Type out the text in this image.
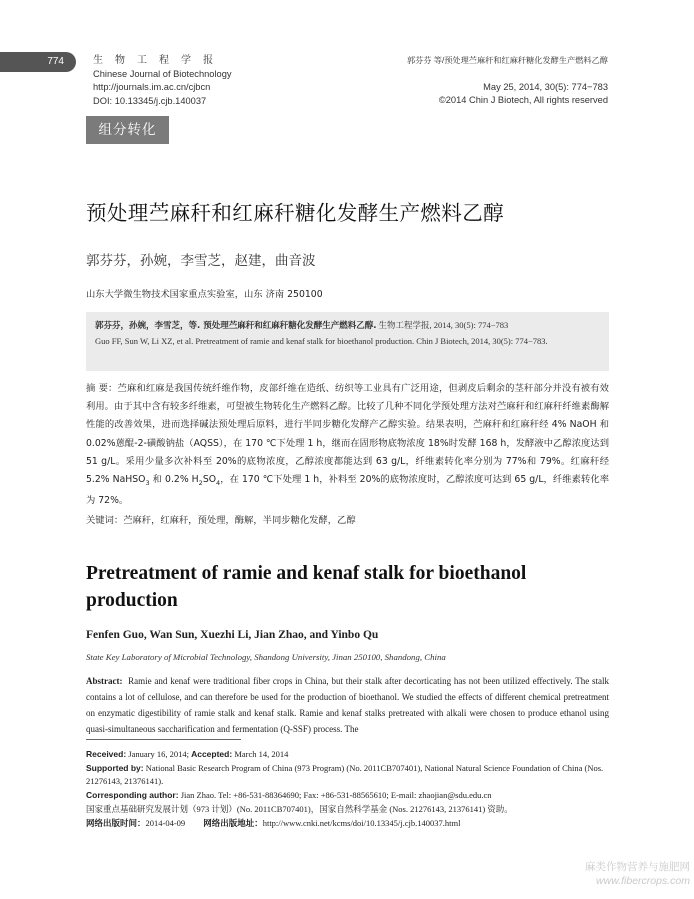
774	生物工程学报
Chinese Journal of Biotechnology
http://journals.im.ac.cn/cjbcn
DOI: 10.13345/j.cjb.140037
郭芬芬 等/预处理苎麻秆和红麻秆糖化发酵生产燃料乙醇
May 25, 2014, 30(5): 774−783
©2014 Chin J Biotech, All rights reserved
组分转化
预处理苎麻秆和红麻秆糖化发酵生产燃料乙醇
郭芬芬，孙婉，李雪芝，赵建，曲音波
山东大学微生物技术国家重点实验室，山东 济南 250100
郭芬芬，孙婉，李雪芝，等. 预处理苎麻秆和红麻秆糖化发酵生产燃料乙醇. 生物工程学报, 2014, 30(5): 774−783
Guo FF, Sun W, Li XZ, et al. Pretreatment of ramie and kenaf stalk for bioethanol production. Chin J Biotech, 2014, 30(5): 774−783.
摘 要：苎麻和红麻是我国传统纤维作物，皮部纤维在造纸、纺织等工业具有广泛用途，但剥皮后剩余的茎秆部分并没有被有效利用。由于其中含有较多纤维素，可望被生物转化生产燃料乙醇。比较了几种不同化学预处理方法对苎麻秆和红麻秆纤维素酶解性能的改善效果，进而选择碱法预处理后原料，进行半同步糖化发酵产乙醇实验。结果表明，苎麻秆和红麻秆经 4% NaOH 和 0.02%蒽醌-2-磺酸钠盐（AQSS），在 170 ℃下处理 1 h，继而在固形物底物浓度 18%时发酵 168 h，发酵液中乙醇浓度达到 51 g/L。采用少量多次补料至 20%的底物浓度，乙醇浓度都能达到 63 g/L，纤维素转化率分别为 77%和 79%。红麻秆经 5.2% NaHSO$_3$ 和 0.2% $H_2SO_4$，在 170 ℃下处理 1 h，补料至 20%的底物浓度时，乙醇浓度可达到 65 g/L，纤维素转化率为 72%。
关键词：苎麻秆，红麻秆，预处理，酶解，半同步糖化发酵，乙醇
Pretreatment of ramie and kenaf stalk for bioethanol production
Fenfen Guo, Wan Sun, Xuezhi Li, Jian Zhao, and Yinbo Qu
State Key Laboratory of Microbial Technology, Shandong University, Jinan 250100, Shandong, China
Abstract: Ramie and kenaf were traditional fiber crops in China, but their stalk after decorticating has not been utilized effectively. The stalk contains a lot of cellulose, and can therefore be used for the production of bioethanol. We studied the effects of different chemical pretreatment on enzymatic digestibility of ramie stalk and kenaf stalk. Ramie and kenaf stalks pretreated with alkali were chosen to produce ethanol using quasi-simultaneous saccharification and fermentation (Q-SSF) process. The
Received: January 16, 2014; Accepted: March 14, 2014
Supported by: National Basic Research Program of China (973 Program) (No. 2011CB707401), National Natural Science Foundation of China (Nos. 21276143, 21376141).
Corresponding author: Jian Zhao. Tel: +86-531-88364690; Fax: +86-531-88565610; E-mail: zhaojian@sdu.edu.cn
国家重点基础研究发展计划（973 计划）(No. 2011CB707401)，国家自然科学基金 (Nos. 21276143, 21376141) 资助。
网络出版时间：2014-04-09 网络出版地址：http://www.cnki.net/kcms/doi/10.13345/j.cjb.140037.html
麻类作物营养与施肥网
www.fibercrops.com
